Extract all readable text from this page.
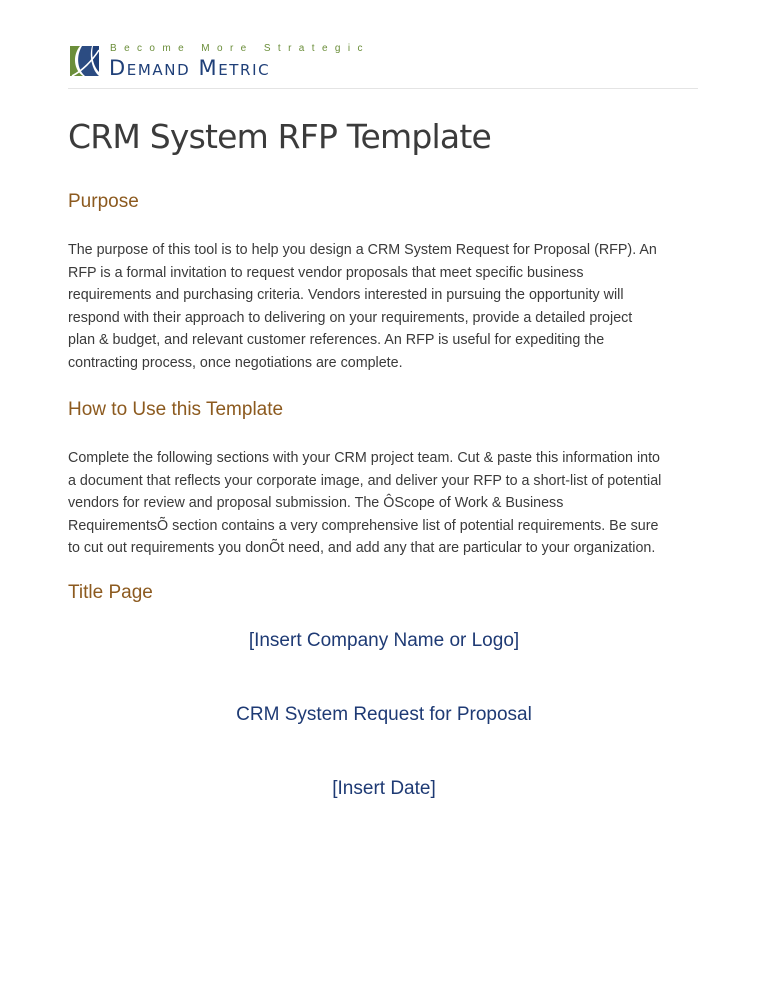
Become More Strategic
Demand Metric
CRM System RFP Template
Purpose

The purpose of this tool is to help you design a CRM System Request for Proposal (RFP). An
RFP is a formal invitation to request vendor proposals that meet specific business
requirements and purchasing criteria. Vendors interested in pursuing the opportunity will
respond with their approach to delivering on your requirements, provide a detailed project
plan & budget, and relevant customer references. An RFP is useful for expediting the
contracting process, once negotiations are complete.

How to Use this Template

Complete the following sections with your CRM project team. Cut & paste this information into
a document that reflects your corporate image, and deliver your RFP to a short-list of potential
vendors for review and proposal submission. The ÔScope of Work & Business
RequirementsÕ section contains a very comprehensive list of potential requirements. Be sure
to cut out requirements you donÕt need, and add any that are particular to your organization.

Title Page

[Insert Company Name or Logo]

CRM System Request for Proposal

[Insert Date]
